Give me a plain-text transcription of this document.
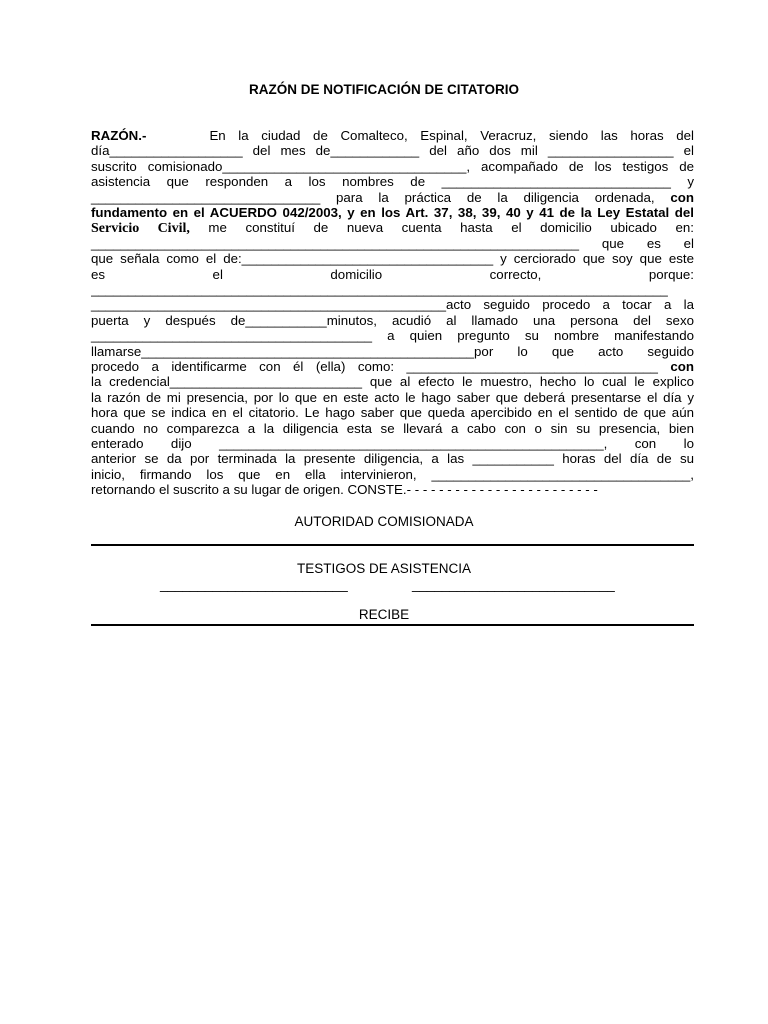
RAZÓN DE NOTIFICACIÓN DE CITATORIO
RAZÓN.-	En la ciudad de Comalteco, Espinal, Veracruz, siendo las horas del
día__________________ del mes de____________ del año dos mil _________________ el
suscrito comisionado_________________________________, acompañado de los testigos de
asistencia que responden a los nombres de _______________________________ y
_______________________________ para la práctica de la diligencia ordenada, con
fundamento en el ACUERDO 042/2003, y en los Art. 37, 38, 39, 40 y 41 de la Ley Estatal del
Servicio Civil, me constituí de nueva cuenta hasta el domicilio ubicado en:
__________________________________________________________________ que es el
que señala como el de:__________________________________ y cerciorado que soy que este
es el domicilio correcto, porque:
______________________________________________________________________________
________________________________________________acto seguido procedo a tocar a la
puerta y después de___________minutos, acudió al llamado una persona del sexo
______________________________________ a quien pregunto su nombre manifestando
llamarse_____________________________________________por lo que acto seguido
procedo a identificarme con él (ella) como: __________________________________ con
la credencial__________________________ que al efecto le muestro, hecho lo cual le explico
la razón de mi presencia, por lo que en este acto le hago saber que deberá presentarse el día y
hora que se indica en el citatorio. Le hago saber que queda apercibido en el sentido de que aún
cuando no comparezca a la diligencia esta se llevará a cabo con o sin su presencia, bien
enterado dijo ____________________________________________________, con lo
anterior se da por terminada la presente diligencia, a las ___________ horas del día de su
inicio, firmando los que en ella intervinieron, ___________________________________,
retornando el suscrito a su lugar de origen. CONSTE.- - - - - - - - - - - - - - - - - - - - - - - -
AUTORIDAD COMISIONADA
TESTIGOS DE ASISTENCIA
_________________________	___________________________
RECIBE
